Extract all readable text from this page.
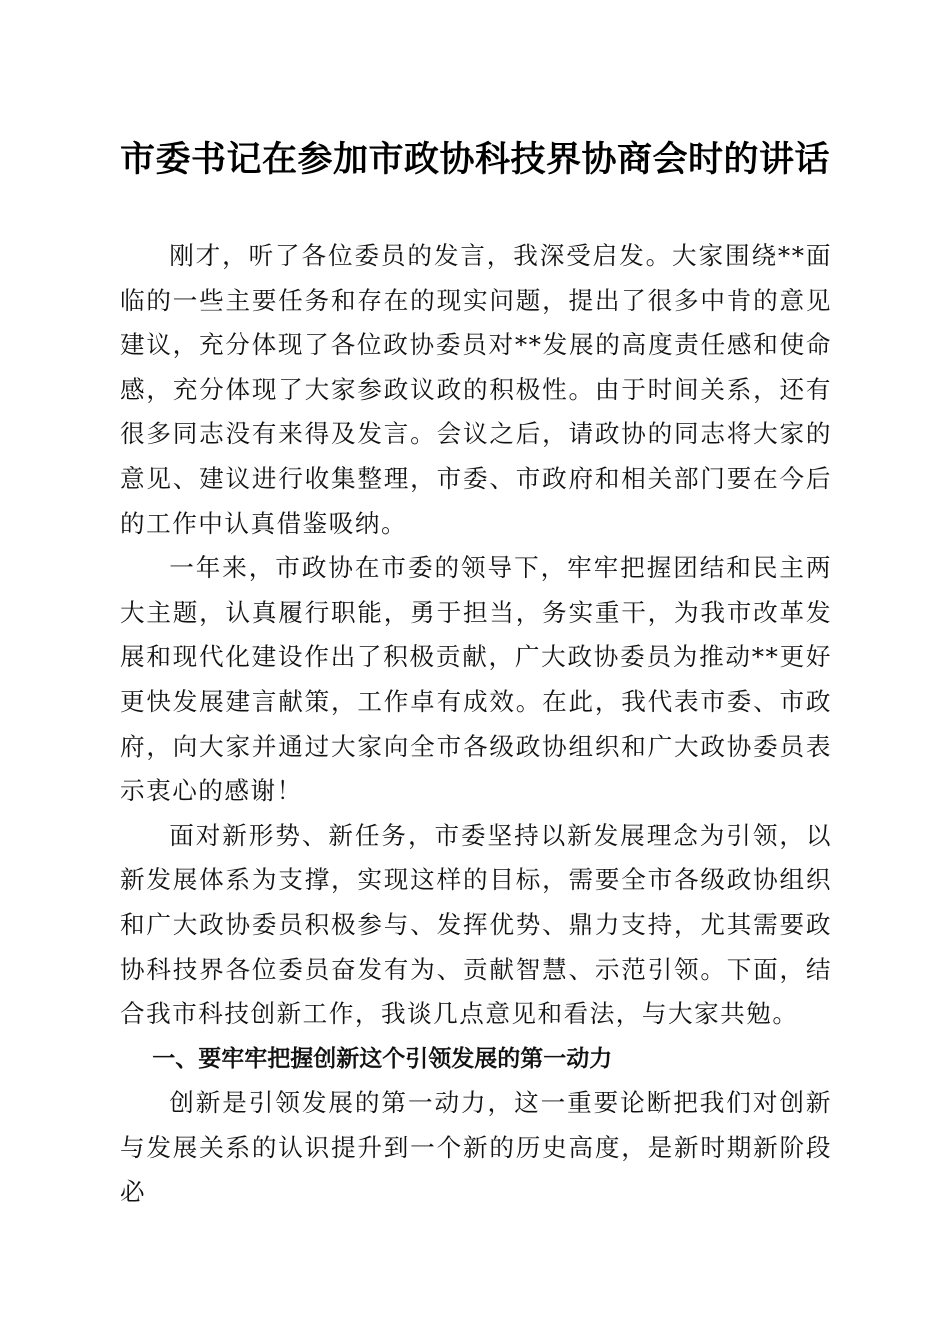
市委书记在参加市政协科技界协商会时的讲话

刚才，听了各位委员的发言，我深受启发。大家围绕**面临的一些主要任务和存在的现实问题，提出了很多中肯的意见建议，充分体现了各位政协委员对**发展的高度责任感和使命感，充分体现了大家参政议政的积极性。由于时间关系，还有很多同志没有来得及发言。会议之后，请政协的同志将大家的意见、建议进行收集整理，市委、市政府和相关部门要在今后的工作中认真借鉴吸纳。

一年来，市政协在市委的领导下，牢牢把握团结和民主两大主题，认真履行职能，勇于担当，务实重干，为我市改革发展和现代化建设作出了积极贡献，广大政协委员为推动**更好更快发展建言献策，工作卓有成效。在此，我代表市委、市政府，向大家并通过大家向全市各级政协组织和广大政协委员表示衷心的感谢！

面对新形势、新任务，市委坚持以新发展理念为引领，以新发展体系为支撑，实现这样的目标，需要全市各级政协组织和广大政协委员积极参与、发挥优势、鼎力支持，尤其需要政协科技界各位委员奋发有为、贡献智慧、示范引领。下面，结合我市科技创新工作，我谈几点意见和看法，与大家共勉。

一、要牢牢把握创新这个引领发展的第一动力

创新是引领发展的第一动力，这一重要论断把我们对创新与发展关系的认识提升到一个新的历史高度，是新时期新阶段必
